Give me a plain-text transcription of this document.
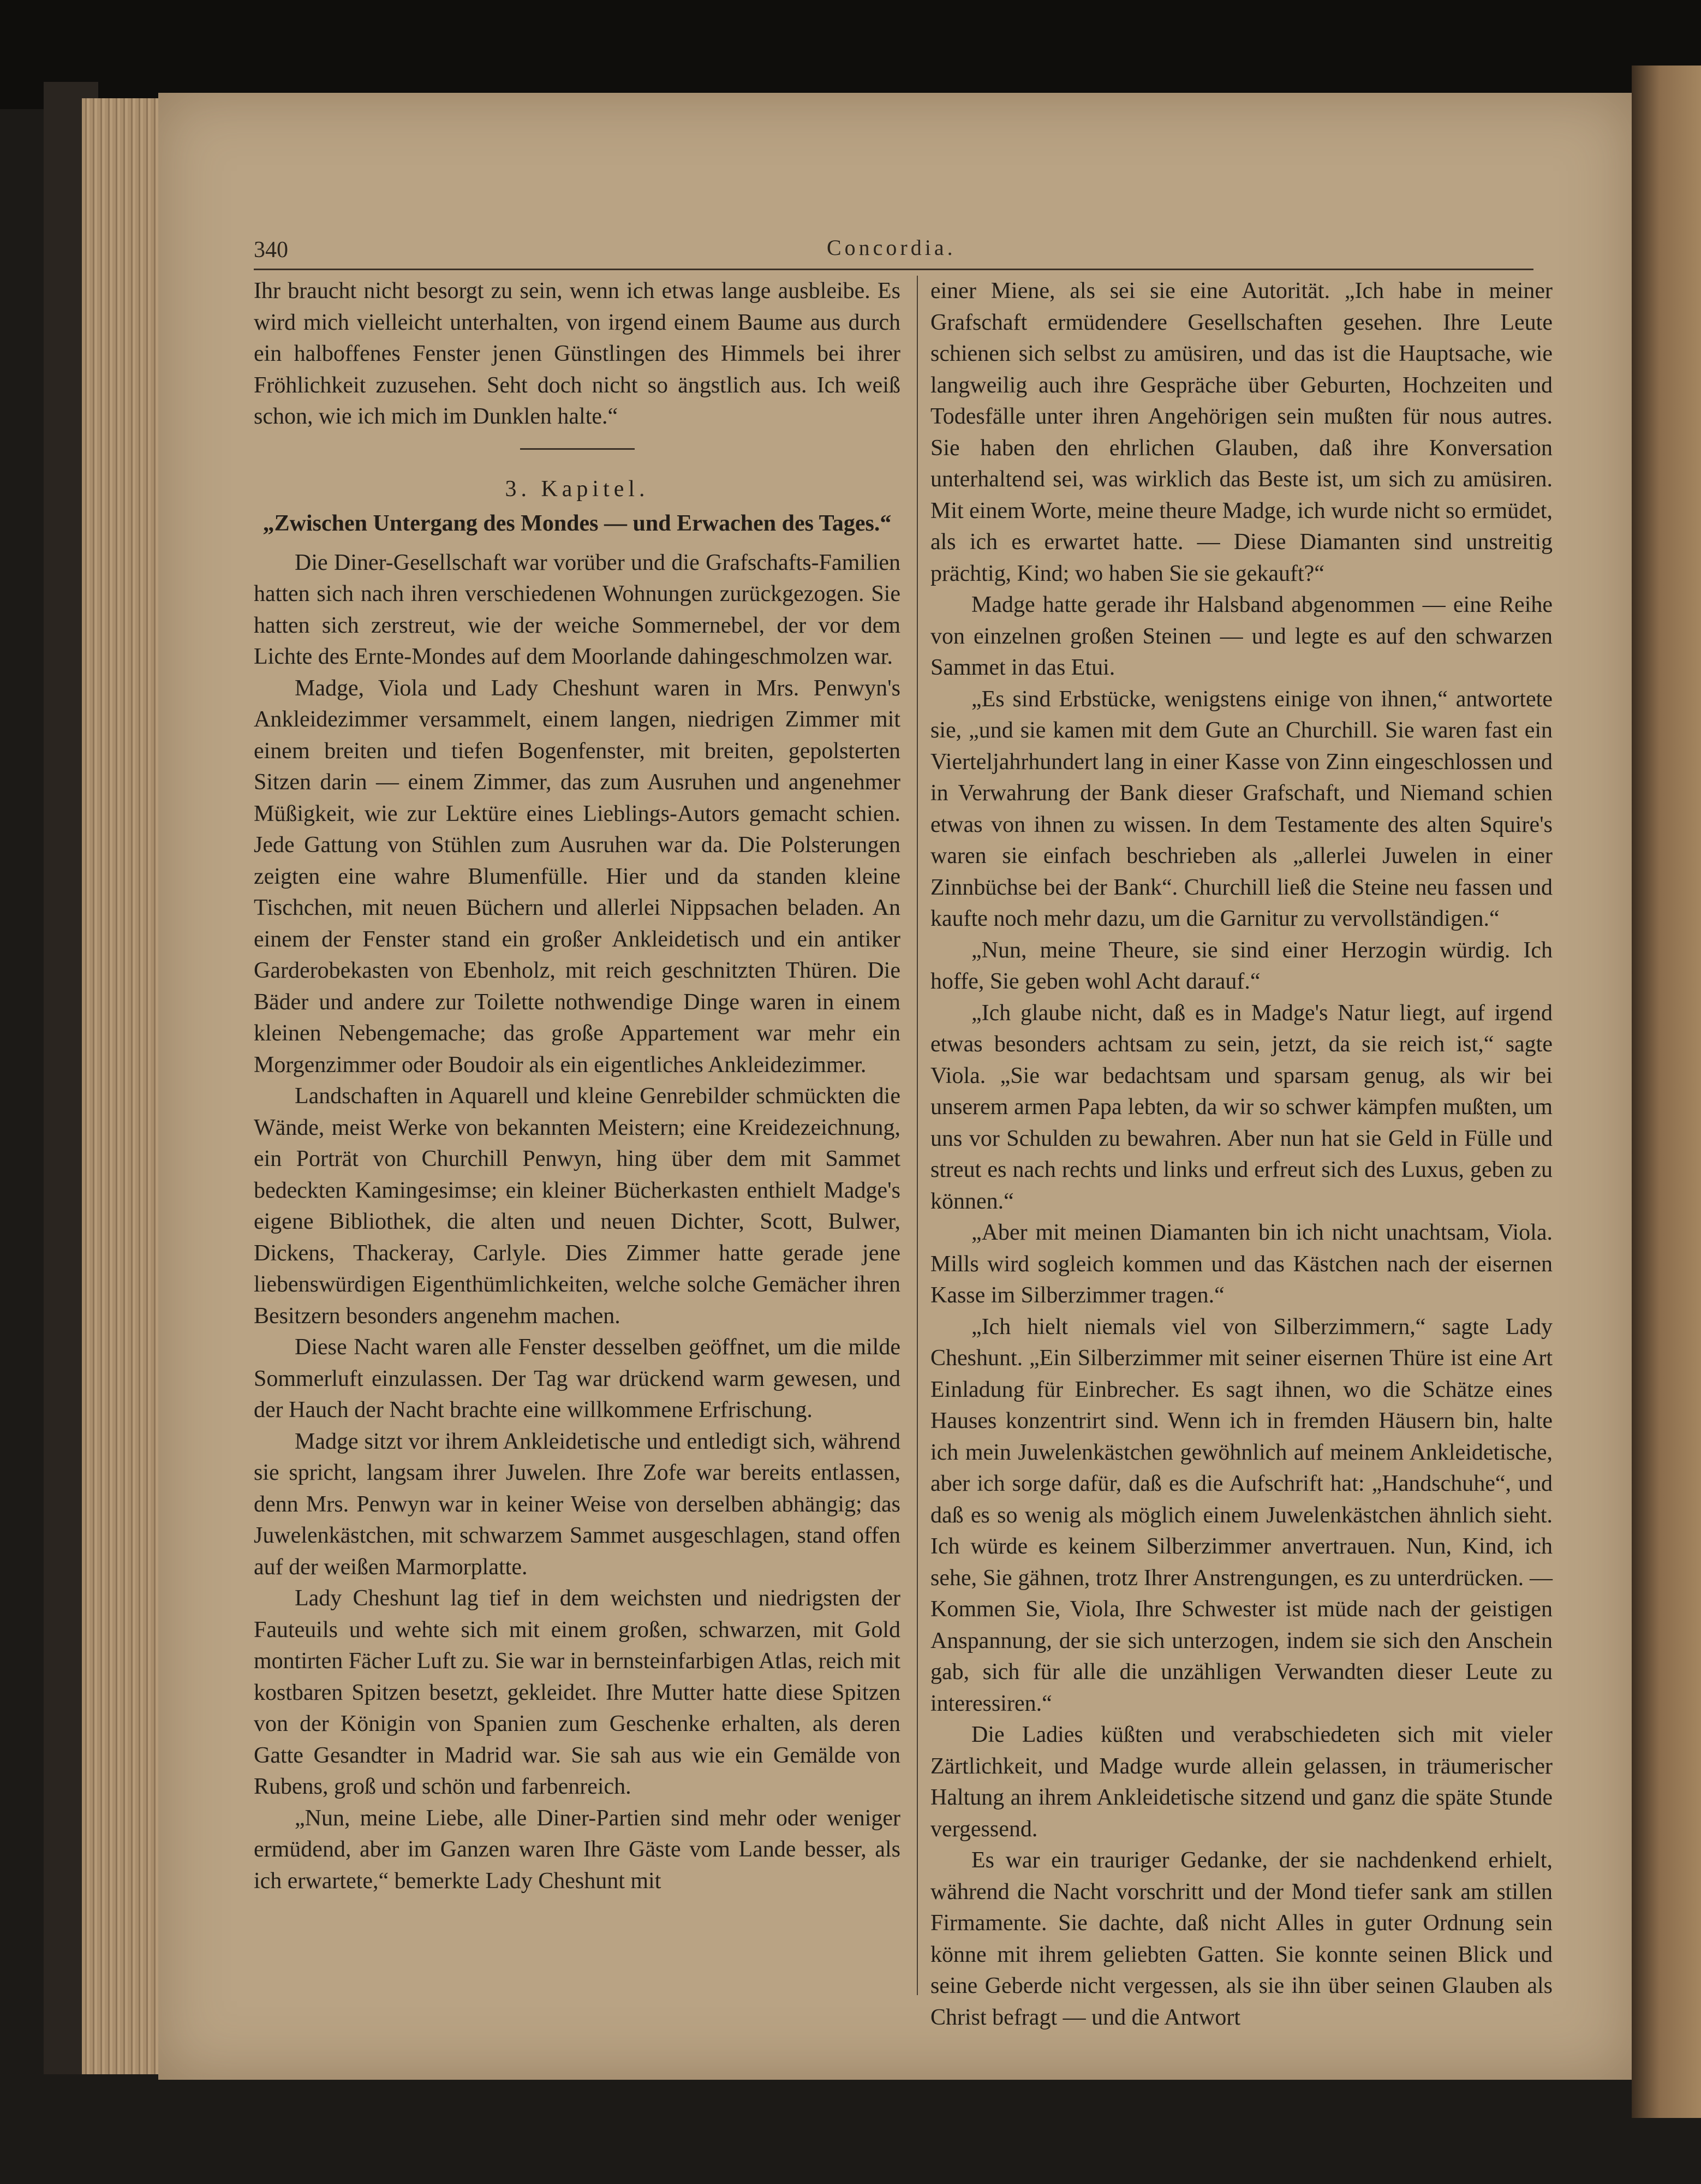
340	Concordia.

Ihr braucht nicht besorgt zu sein, wenn ich etwas lange ausbleibe. Es wird mich vielleicht unterhalten, von irgend einem Baume aus durch ein halboffenes Fenster jenen Günstlingen des Himmels bei ihrer Fröhlichkeit zuzusehen. Seht doch nicht so ängstlich aus. Ich weiß schon, wie ich mich im Dunklen halte.“

3. Kapitel.
„Zwischen Untergang des Mondes — und Erwachen des Tages.“

Die Diner-Gesellschaft war vorüber und die Grafschafts-Familien hatten sich nach ihren verschiedenen Wohnungen zurückgezogen. Sie hatten sich zerstreut, wie der weiche Sommernebel, der vor dem Lichte des Ernte-Mondes auf dem Moorlande dahingeschmolzen war.

Madge, Viola und Lady Cheshunt waren in Mrs. Penwyn's Ankleidezimmer versammelt, einem langen, niedrigen Zimmer mit einem breiten und tiefen Bogenfenster, mit breiten, gepolsterten Sitzen darin — einem Zimmer, das zum Ausruhen und angenehmer Müßigkeit, wie zur Lektüre eines Lieblings-Autors gemacht schien. Jede Gattung von Stühlen zum Ausruhen war da. Die Polsterungen zeigten eine wahre Blumenfülle. Hier und da standen kleine Tischchen, mit neuen Büchern und allerlei Nippsachen beladen. An einem der Fenster stand ein großer Ankleidetisch und ein antiker Garderobekasten von Ebenholz, mit reich geschnitzten Thüren. Die Bäder und andere zur Toilette nothwendige Dinge waren in einem kleinen Nebengemache; das große Appartement war mehr ein Morgenzimmer oder Boudoir als ein eigentliches Ankleidezimmer.

Landschaften in Aquarell und kleine Genrebilder schmückten die Wände, meist Werke von bekannten Meistern; eine Kreidezeichnung, ein Porträt von Churchill Penwyn, hing über dem mit Sammet bedeckten Kamingesimse; ein kleiner Bücherkasten enthielt Madge's eigene Bibliothek, die alten und neuen Dichter, Scott, Bulwer, Dickens, Thackeray, Carlyle. Dies Zimmer hatte gerade jene liebenswürdigen Eigenthümlichkeiten, welche solche Gemächer ihren Besitzern besonders angenehm machen.

Diese Nacht waren alle Fenster desselben geöffnet, um die milde Sommerluft einzulassen. Der Tag war drückend warm gewesen, und der Hauch der Nacht brachte eine willkommene Erfrischung.

Madge sitzt vor ihrem Ankleidetische und entledigt sich, während sie spricht, langsam ihrer Juwelen. Ihre Zofe war bereits entlassen, denn Mrs. Penwyn war in keiner Weise von derselben abhängig; das Juwelenkästchen, mit schwarzem Sammet ausgeschlagen, stand offen auf der weißen Marmorplatte.

Lady Cheshunt lag tief in dem weichsten und niedrigsten der Fauteuils und wehte sich mit einem großen, schwarzen, mit Gold montirten Fächer Luft zu. Sie war in bernsteinfarbigen Atlas, reich mit kostbaren Spitzen besetzt, gekleidet. Ihre Mutter hatte diese Spitzen von der Königin von Spanien zum Geschenke erhalten, als deren Gatte Gesandter in Madrid war. Sie sah aus wie ein Gemälde von Rubens, groß und schön und farbenreich.

„Nun, meine Liebe, alle Diner-Partien sind mehr oder weniger ermüdend, aber im Ganzen waren Ihre Gäste vom Lande besser, als ich erwartete,“ bemerkte Lady Cheshunt mit

einer Miene, als sei sie eine Autorität. „Ich habe in meiner Grafschaft ermüdendere Gesellschaften gesehen. Ihre Leute schienen sich selbst zu amüsiren, und das ist die Hauptsache, wie langweilig auch ihre Gespräche über Geburten, Hochzeiten und Todesfälle unter ihren Angehörigen sein mußten für nous autres. Sie haben den ehrlichen Glauben, daß ihre Konversation unterhaltend sei, was wirklich das Beste ist, um sich zu amüsiren. Mit einem Worte, meine theure Madge, ich wurde nicht so ermüdet, als ich es erwartet hatte. — Diese Diamanten sind unstreitig prächtig, Kind; wo haben Sie sie gekauft?“

Madge hatte gerade ihr Halsband abgenommen — eine Reihe von einzelnen großen Steinen — und legte es auf den schwarzen Sammet in das Etui.

„Es sind Erbstücke, wenigstens einige von ihnen,“ antwortete sie, „und sie kamen mit dem Gute an Churchill. Sie waren fast ein Vierteljahrhundert lang in einer Kasse von Zinn eingeschlossen und in Verwahrung der Bank dieser Grafschaft, und Niemand schien etwas von ihnen zu wissen. In dem Testamente des alten Squire's waren sie einfach beschrieben als „allerlei Juwelen in einer Zinnbüchse bei der Bank“. Churchill ließ die Steine neu fassen und kaufte noch mehr dazu, um die Garnitur zu vervollständigen.“

„Nun, meine Theure, sie sind einer Herzogin würdig. Ich hoffe, Sie geben wohl Acht darauf.“

„Ich glaube nicht, daß es in Madge's Natur liegt, auf irgend etwas besonders achtsam zu sein, jetzt, da sie reich ist,“ sagte Viola. „Sie war bedachtsam und sparsam genug, als wir bei unserem armen Papa lebten, da wir so schwer kämpfen mußten, um uns vor Schulden zu bewahren. Aber nun hat sie Geld in Fülle und streut es nach rechts und links und erfreut sich des Luxus, geben zu können.“

„Aber mit meinen Diamanten bin ich nicht unachtsam, Viola. Mills wird sogleich kommen und das Kästchen nach der eisernen Kasse im Silberzimmer tragen.“

„Ich hielt niemals viel von Silberzimmern,“ sagte Lady Cheshunt. „Ein Silberzimmer mit seiner eisernen Thüre ist eine Art Einladung für Einbrecher. Es sagt ihnen, wo die Schätze eines Hauses konzentrirt sind. Wenn ich in fremden Häusern bin, halte ich mein Juwelenkästchen gewöhnlich auf meinem Ankleidetische, aber ich sorge dafür, daß es die Aufschrift hat: „Handschuhe“, und daß es so wenig als möglich einem Juwelenkästchen ähnlich sieht. Ich würde es keinem Silberzimmer anvertrauen. Nun, Kind, ich sehe, Sie gähnen, trotz Ihrer Anstrengungen, es zu unterdrücken. — Kommen Sie, Viola, Ihre Schwester ist müde nach der geistigen Anspannung, der sie sich unterzogen, indem sie sich den Anschein gab, sich für alle die unzähligen Verwandten dieser Leute zu interessiren.“

Die Ladies küßten und verabschiedeten sich mit vieler Zärtlichkeit, und Madge wurde allein gelassen, in träumerischer Haltung an ihrem Ankleidetische sitzend und ganz die späte Stunde vergessend.

Es war ein trauriger Gedanke, der sie nachdenkend erhielt, während die Nacht vorschritt und der Mond tiefer sank am stillen Firmamente. Sie dachte, daß nicht Alles in guter Ordnung sein könne mit ihrem geliebten Gatten. Sie konnte seinen Blick und seine Geberde nicht vergessen, als sie ihn über seinen Glauben als Christ befragt — und die Antwort
